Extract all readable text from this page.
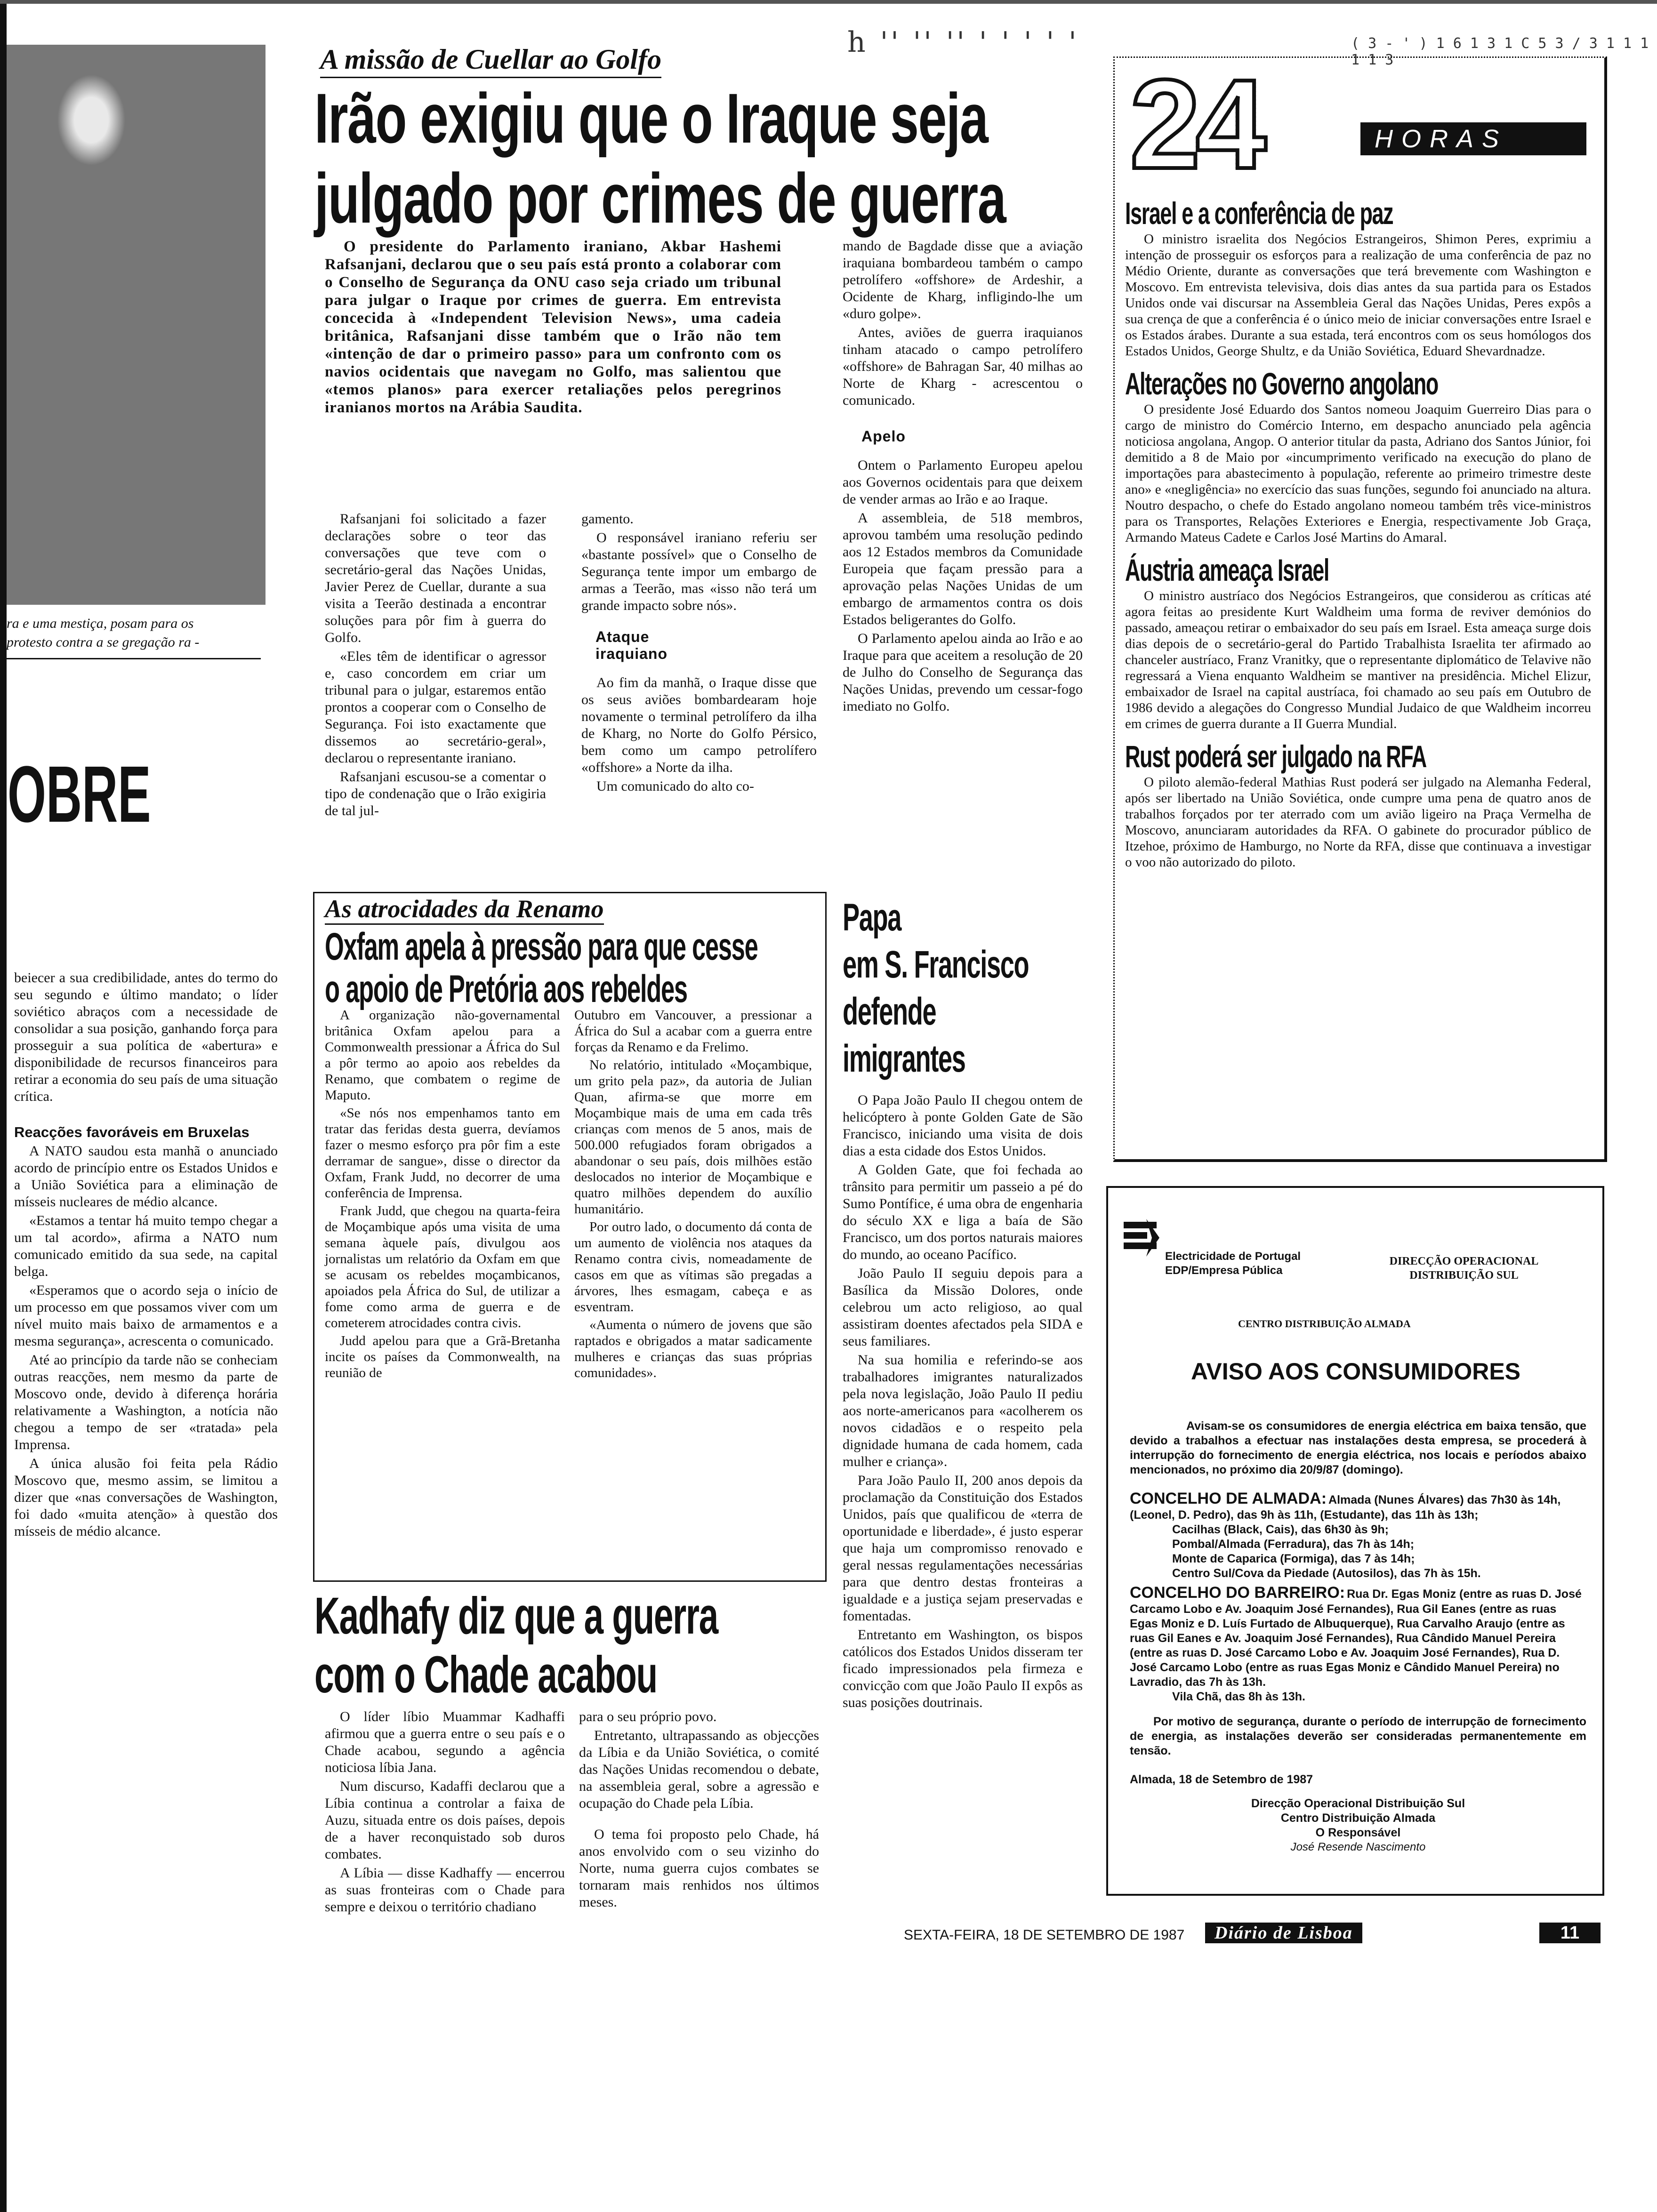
h '' '' '' ' ' ' ' '	( 3 - ' ) 1 6 1 3 1 C 5 3 / 3 1 1 1 1 1 3
ra e uma mestiça, posam para os
protesto contra a se gregação ra -
OBRE

beiecer a sua credibilidade, antes do termo do seu segundo e último mandato; o líder soviético abraços com a necessidade de consolidar a sua posição, ganhando força para prosseguir a sua política de «abertura» e disponibilidade de recursos financeiros para retirar a economia do seu país de uma situação crítica.

Reacções favoráveis em Bruxelas

A NATO saudou esta manhã o anunciado acordo de princípio entre os Estados Unidos e a União Soviética para a eliminação de mísseis nucleares de médio alcance.

«Estamos a tentar há muito tempo chegar a um tal acordo», afirma a NATO num comunicado emitido da sua sede, na capital belga.

«Esperamos que o acordo seja o início de um processo em que possamos viver com um nível muito mais baixo de armamentos e a mesma segurança», acrescenta o comunicado.

Até ao princípio da tarde não se conheciam outras reacções, nem mesmo da parte de Moscovo onde, devido à diferença horária relativamente a Washington, a notícia não chegou a tempo de ser «tratada» pela Imprensa.

A única alusão foi feita pela Rádio Moscovo que, mesmo assim, se limitou a dizer que «nas conversações de Washington, foi dado «muita atenção» à questão dos mísseis de médio alcance.

A missão de Cuellar ao Golfo
Irão exigiu que o Iraque seja
julgado por crimes de guerra

O presidente do Parlamento iraniano, Akbar Hashemi Rafsanjani, declarou que o seu país está pronto a colaborar com o Conselho de Segurança da ONU caso seja criado um tribunal para julgar o Iraque por crimes de guerra. Em entrevista concecida à «Independent Television News», uma cadeia britânica, Rafsanjani disse também que o Irão não tem «intenção de dar o primeiro passo» para um confronto com os navios ocidentais que navegam no Golfo, mas salientou que «temos planos» para exercer retaliações pelos peregrinos iranianos mortos na Arábia Saudita.

Rafsanjani foi solicitado a fazer declarações sobre o teor das conversações que teve com o secretário-geral das Nações Unidas, Javier Perez de Cuellar, durante a sua visita a Teerão destinada a encontrar soluções para pôr fim à guerra do Golfo.

«Eles têm de identificar o agressor e, caso concordem em criar um tribunal para o julgar, estaremos então prontos a cooperar com o Conselho de Segurança. Foi isto exactamente que dissemos ao secretário-geral», declarou o representante iraniano.

Rafsanjani escusou-se a comentar o tipo de condenação que o Irão exigiria de tal jul-

gamento.

O responsável iraniano referiu ser «bastante possível» que o Conselho de Segurança tente impor um embargo de armas a Teerão, mas «isso não terá um grande impacto sobre nós».

Ataque iraquiano

Ao fim da manhã, o Iraque disse que os seus aviões bombardearam hoje novamente o terminal petrolífero da ilha de Kharg, no Norte do Golfo Pérsico, bem como um campo petrolífero «offshore» a Norte da ilha.

Um comunicado do alto co-

mando de Bagdade disse que a aviação iraquiana bombardeou também o campo petrolífero «offshore» de Ardeshir, a Ocidente de Kharg, infligindo-lhe um «duro golpe».

Antes, aviões de guerra iraquianos tinham atacado o campo petrolífero «offshore» de Bahragan Sar, 40 milhas ao Norte de Kharg - acrescentou o comunicado.

Apelo

Ontem o Parlamento Europeu apelou aos Governos ocidentais para que deixem de vender armas ao Irão e ao Iraque.

A assembleia, de 518 membros, aprovou também uma resolução pedindo aos 12 Estados membros da Comunidade Europeia que façam pressão para a aprovação pelas Nações Unidas de um embargo de armamentos contra os dois Estados beligerantes do Golfo.

O Parlamento apelou ainda ao Irão e ao Iraque para que aceitem a resolução de 20 de Julho do Conselho de Segurança das Nações Unidas, prevendo um cessar-fogo imediato no Golfo.

As atrocidades da Renamo
Oxfam apela à pressão para que cesse
o apoio de Pretória aos rebeldes

A organização não-governamental britânica Oxfam apelou para a Commonwealth pressionar a África do Sul a pôr termo ao apoio aos rebeldes da Renamo, que combatem o regime de Maputo.

«Se nós nos empenhamos tanto em tratar das feridas desta guerra, devíamos fazer o mesmo esforço pra pôr fim a este derramar de sangue», disse o director da Oxfam, Frank Judd, no decorrer de uma conferência de Imprensa.

Frank Judd, que chegou na quarta-feira de Moçambique após uma visita de uma semana àquele país, divulgou aos jornalistas um relatório da Oxfam em que se acusam os rebeldes moçambicanos, apoiados pela África do Sul, de utilizar a fome como arma de guerra e de cometerem atrocidades contra civis.

Judd apelou para que a Grã-Bretanha incite os países da Commonwealth, na reunião de

Outubro em Vancouver, a pressionar a África do Sul a acabar com a guerra entre forças da Renamo e da Frelimo.

No relatório, intitulado «Moçambique, um grito pela paz», da autoria de Julian Quan, afirma-se que morre em Moçambique mais de uma em cada três crianças com menos de 5 anos, mais de 500.000 refugiados foram obrigados a abandonar o seu país, dois milhões estão deslocados no interior de Moçambique e quatro milhões dependem do auxílio humanitário.

Por outro lado, o documento dá conta de um aumento de violência nos ataques da Renamo contra civis, nomeadamente de casos em que as vítimas são pregadas a árvores, lhes esmagam, cabeça e as esventram.

«Aumenta o número de jovens que são raptados e obrigados a matar sadicamente mulheres e crianças das suas próprias comunidades».

Kadhafy diz que a guerra
com o Chade acabou

O líder líbio Muammar Kadhaffi afirmou que a guerra entre o seu país e o Chade acabou, segundo a agência noticiosa líbia Jana.

Num discurso, Kadaffi declarou que a Líbia continua a controlar a faixa de Auzu, situada entre os dois países, depois de a haver reconquistado sob duros combates.

A Líbia — disse Kadhaffy — encerrou as suas fronteiras com o Chade para sempre e deixou o território chadiano

para o seu próprio povo.

Entretanto, ultrapassando as objecções da Líbia e da União Soviética, o comité das Nações Unidas recomendou o debate, na assembleia geral, sobre a agressão e ocupação do Chade pela Líbia.

O tema foi proposto pelo Chade, há anos envolvido com o seu vizinho do Norte, numa guerra cujos combates se tornaram mais renhidos nos últimos meses.

Papa
em S. Francisco
defende
imigrantes

O Papa João Paulo II chegou ontem de helicóptero à ponte Golden Gate de São Francisco, iniciando uma visita de dois dias a esta cidade dos Estos Unidos.

A Golden Gate, que foi fechada ao trânsito para permitir um passeio a pé do Sumo Pontífice, é uma obra de engenharia do século XX e liga a baía de São Francisco, um dos portos naturais maiores do mundo, ao oceano Pacífico.

João Paulo II seguiu depois para a Basílica da Missão Dolores, onde celebrou um acto religioso, ao qual assistiram doentes afectados pela SIDA e seus familiares.

Na sua homilia e referindo-se aos trabalhadores imigrantes naturalizados pela nova legislação, João Paulo II pediu aos norte-americanos para «acolherem os novos cidadãos e o respeito pela dignidade humana de cada homem, cada mulher e criança».

Para João Paulo II, 200 anos depois da proclamação da Constituição dos Estados Unidos, país que qualificou de «terra de oportunidade e liberdade», é justo esperar que haja um compromisso renovado e geral nessas regulamentações necessárias para que dentro destas fronteiras a igualdade e a justiça sejam preservadas e fomentadas.

Entretanto em Washington, os bispos católicos dos Estados Unidos disseram ter ficado impressionados pela firmeza e convicção com que João Paulo II expôs as suas posições doutrinais.

24	HORAS
Israel e a conferência de paz

O ministro israelita dos Negócios Estrangeiros, Shimon Peres, exprimiu a intenção de prosseguir os esforços para a realização de uma conferência de paz no Médio Oriente, durante as conversações que terá brevemente com Washington e Moscovo. Em entrevista televisiva, dois dias antes da sua partida para os Estados Unidos onde vai discursar na Assembleia Geral das Nações Unidas, Peres expôs a sua crença de que a conferência é o único meio de iniciar conversações entre Israel e os Estados árabes. Durante a sua estada, terá encontros com os seus homólogos dos Estados Unidos, George Shultz, e da União Soviética, Eduard Shevardnadze.

Alterações no Governo angolano

O presidente José Eduardo dos Santos nomeou Joaquim Guerreiro Dias para o cargo de ministro do Comércio Interno, em despacho anunciado pela agência noticiosa angolana, Angop. O anterior titular da pasta, Adriano dos Santos Júnior, foi demitido a 8 de Maio por «incumprimento verificado na execução do plano de importações para abastecimento à população, referente ao primeiro trimestre deste ano» e «negligência» no exercício das suas funções, segundo foi anunciado na altura. Noutro despacho, o chefe do Estado angolano nomeou também três vice-ministros para os Transportes, Relações Exteriores e Energia, respectivamente Job Graça, Armando Mateus Cadete e Carlos José Martins do Amaral.

Áustria ameaça Israel

O ministro austríaco dos Negócios Estrangeiros, que considerou as críticas até agora feitas ao presidente Kurt Waldheim uma forma de reviver demónios do passado, ameaçou retirar o embaixador do seu país em Israel. Esta ameaça surge dois dias depois de o secretário-geral do Partido Trabalhista Israelita ter afirmado ao chanceler austríaco, Franz Vranitky, que o representante diplomático de Telavive não regressará a Viena enquanto Waldheim se mantiver na presidência. Michel Elizur, embaixador de Israel na capital austríaca, foi chamado ao seu país em Outubro de 1986 devido a alegações do Congresso Mundial Judaico de que Waldheim incorreu em crimes de guerra durante a II Guerra Mundial.

Rust poderá ser julgado na RFA

O piloto alemão-federal Mathias Rust poderá ser julgado na Alemanha Federal, após ser libertado na União Soviética, onde cumpre uma pena de quatro anos de trabalhos forçados por ter aterrado com um avião ligeiro na Praça Vermelha de Moscovo, anunciaram autoridades da RFA. O gabinete do procurador público de Itzehoe, próximo de Hamburgo, no Norte da RFA, disse que continuava a investigar o voo não autorizado do piloto.

Electricidade de Portugal
EDP/Empresa Pública
DIRECÇÃO OPERACIONAL
DISTRIBUIÇÃO SUL
CENTRO DISTRIBUIÇÃO ALMADA
AVISO AOS CONSUMIDORES

Avisam-se os consumidores de energia eléctrica em baixa tensão, que devido a trabalhos a efectuar nas instalações desta empresa, se procederá à interrupção do fornecimento de energia eléctrica, nos locais e períodos abaixo mencionados, no próximo dia 20/9/87 (domingo).

CONCELHO DE ALMADA: Almada (Nunes Álvares) das 7h30 às 14h, (Leonel, D. Pedro), das 9h às 11h, (Estudante), das 11h às 13h;
Cacilhas (Black, Cais), das 6h30 às 9h;
Pombal/Almada (Ferradura), das 7h às 14h;
Monte de Caparica (Formiga), das 7 às 14h;
Centro Sul/Cova da Piedade (Autosilos), das 7h às 15h.
CONCELHO DO BARREIRO: Rua Dr. Egas Moniz (entre as ruas D. José Carcamo Lobo e Av. Joaquim José Fernandes), Rua Gil Eanes (entre as ruas Egas Moniz e D. Luís Furtado de Albuquerque), Rua Carvalho Araujo (entre as ruas Gil Eanes e Av. Joaquim José Fernandes), Rua Cândido Manuel Pereira (entre as ruas D. José Carcamo Lobo e Av. Joaquim José Fernandes), Rua D. José Carcamo Lobo (entre as ruas Egas Moniz e Cândido Manuel Pereira) no Lavradio, das 7h às 13h.
Vila Chã, das 8h às 13h.

Por motivo de segurança, durante o período de interrupção de fornecimento de energia, as instalações deverão ser consideradas permanentemente em tensão.

Almada, 18 de Setembro de 1987

Direcção Operacional Distribuição Sul
Centro Distribuição Almada
O Responsável
José Resende Nascimento
SEXTA-FEIRA, 18 DE SETEMBRO DE 1987	Diário de Lisboa	11
